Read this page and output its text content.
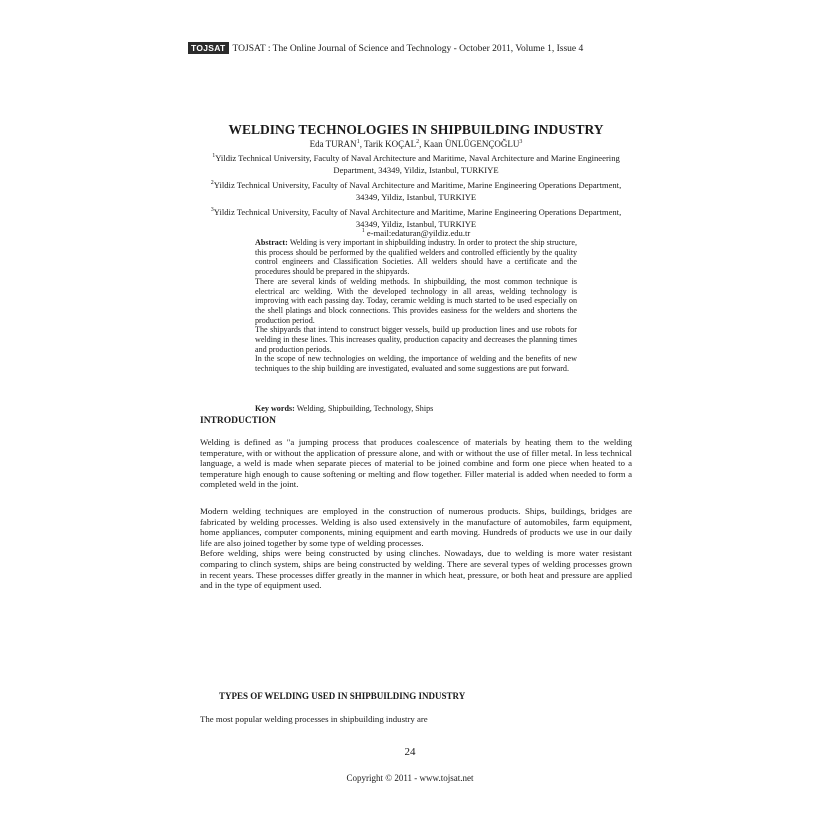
TOJSAT TOJSAT : The Online Journal of Science and Technology - October 2011, Volume 1, Issue 4
WELDING TECHNOLOGIES IN SHIPBUILDING INDUSTRY
Eda TURAN$^1$, Tarik KOÇAL$^2$, Kaan ÜNLÜGENÇOĞLU$^3$
$^1$Yildiz Technical University, Faculty of Naval Architecture and Maritime, Naval Architecture and Marine Engineering Department, 34349, Yildiz, Istanbul, TURKIYE
$^2$Yildiz Technical University, Faculty of Naval Architecture and Maritime, Marine Engineering Operations Department, 34349, Yildiz, Istanbul, TURKIYE
$^3$Yildiz Technical University, Faculty of Naval Architecture and Maritime, Marine Engineering Operations Department, 34349, Yildiz, Istanbul, TURKIYE
$^1$ e-mail:edaturan@yildiz.edu.tr

Abstract: Welding is very important in shipbuilding industry. In order to protect the ship structure, this process should be performed by the qualified welders and controlled efficiently by the quality control engineers and Classification Societies. All welders should have a certificate and the procedures should be prepared in the shipyards.

There are several kinds of welding methods. In shipbuilding, the most common technique is electrical arc welding. With the developed technology in all areas, welding technology is improving with each passing day. Today, ceramic welding is much started to be used especially on the shell platings and block connections. This provides easiness for the welders and shortens the production period.

The shipyards that intend to construct bigger vessels, build up production lines and use robots for welding in these lines. This increases quality, production capacity and decreases the planning times and production periods.

In the scope of new technologies on welding, the importance of welding and the benefits of new techniques to the ship building are investigated, evaluated and some suggestions are put forward.

Key words: Welding, Shipbuilding, Technology, Ships
INTRODUCTION

Welding is defined as "a jumping process that produces coalescence of materials by heating them to the welding temperature, with or without the application of pressure alone, and with or without the use of filler metal. In less technical language, a weld is made when separate pieces of material to be joined combine and form one piece when heated to a temperature high enough to cause softening or melting and flow together. Filler material is added when needed to form a completed weld in the joint.

Modern welding techniques are employed in the construction of numerous products. Ships, buildings, bridges are fabricated by welding processes. Welding is also used extensively in the manufacture of automobiles, farm equipment, home appliances, computer components, mining equipment and earth moving. Hundreds of products we use in our daily life are also joined together by some type of welding processes.

Before welding, ships were being constructed by using clinches. Nowadays, due to welding is more water resistant comparing to clinch system, ships are being constructed by welding. There are several types of welding processes grown in recent years. These processes differ greatly in the manner in which heat, pressure, or both heat and pressure are applied and in the type of equipment used.

TYPES OF WELDING USED IN SHIPBUILDING INDUSTRY
The most popular welding processes in shipbuilding industry are
24
Copyright © 2011 - www.tojsat.net
